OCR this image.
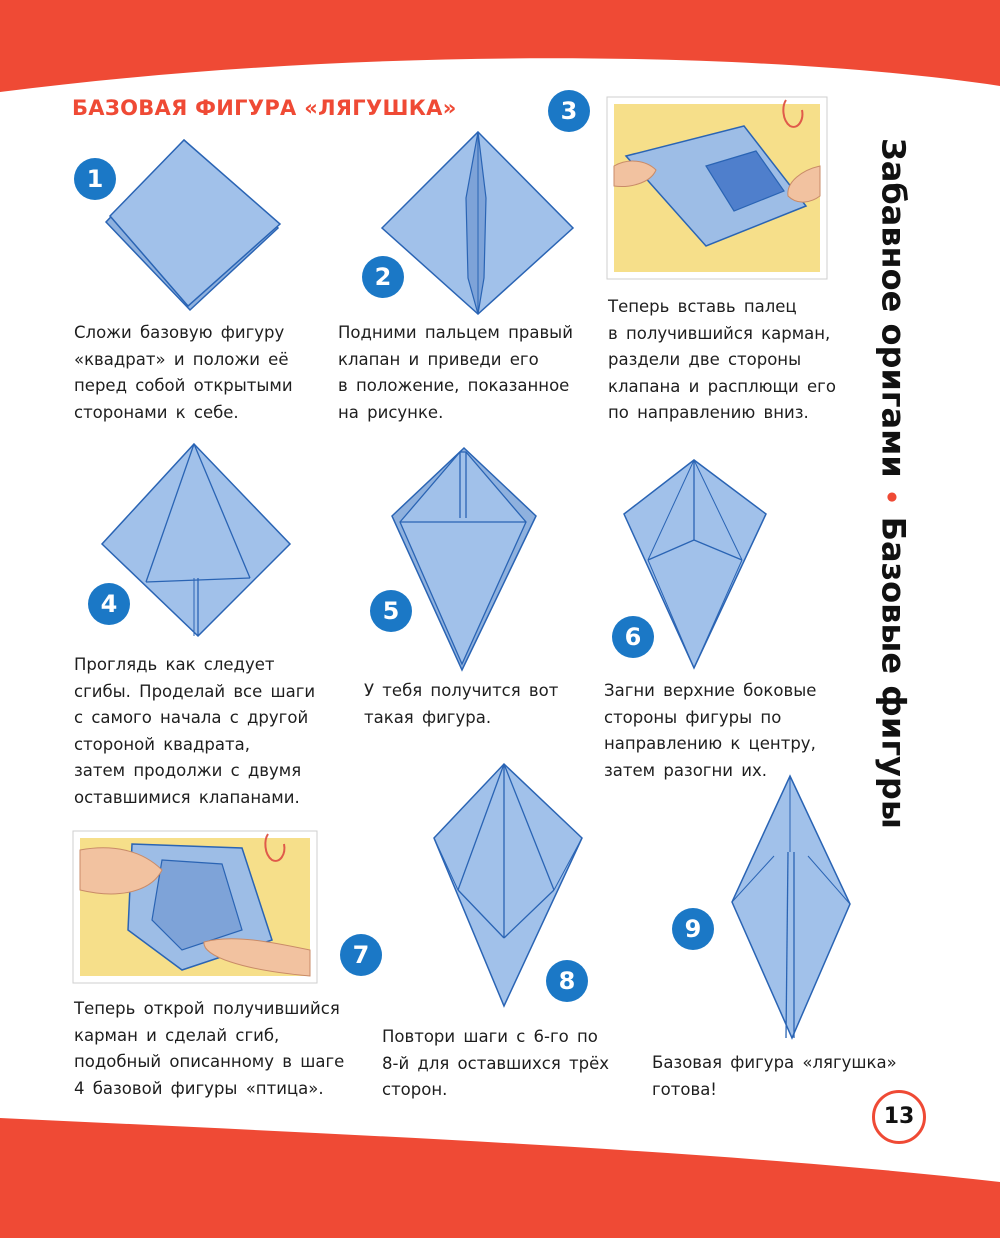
БАЗОВАЯ ФИГУРА «ЛЯГУШКА»
Забавное оригами • Базовые фигуры
1
2
3
4	5
6
7
8
9
Сложи базовую фигуру
«квадрат» и положи её
перед собой открытыми
сторонами к себе.
Подними пальцем правый
клапан и приведи его
в положение, показанное
на рисунке.
Теперь вставь палец
в получившийся карман,
раздели две стороны
клапана и расплющи его
по направлению вниз.
Проглядь как следует
сгибы. Проделай все шаги
с самого начала с другой
стороной квадрата,
затем продолжи с двумя
оставшимися клапанами.
У тебя получится вот
такая фигура.
Загни верхние боковые
стороны фигуры по
направлению к центру,
затем разогни их.
Теперь открой получившийся
карман и сделай сгиб,
подобный описанному в шаге
4 базовой фигуры «птица».
Повтори шаги с 6-го по
8-й для оставшихся трёх
сторон.
Базовая фигура «лягушка»
готова!
13
